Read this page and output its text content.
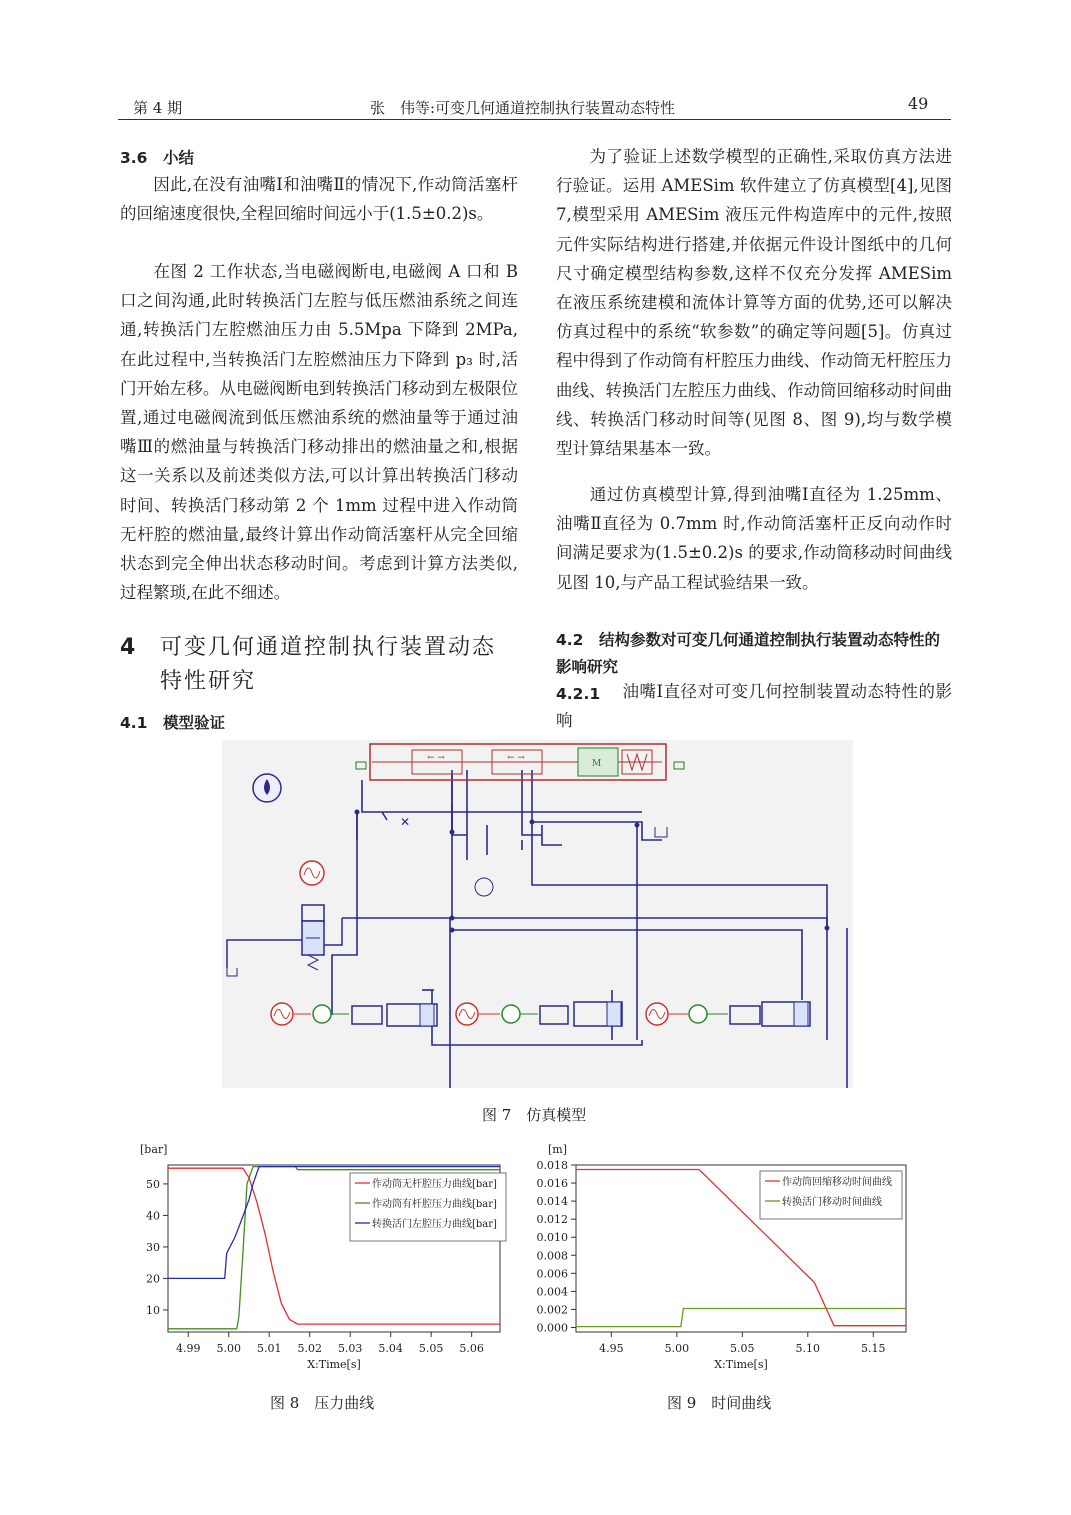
第 4 期	张　伟等:可变几何通道控制执行装置动态特性	49
3.6　小结
因此,在没有油嘴Ⅰ和油嘴Ⅱ的情况下,作动筒活塞杆的回缩速度很快,全程回缩时间远小于(1.5±0.2)s。
在图 2 工作状态,当电磁阀断电,电磁阀 A 口和 B 口之间沟通,此时转换活门左腔与低压燃油系统之间连通,转换活门左腔燃油压力由 5.5Mpa 下降到 2MPa,在此过程中,当转换活门左腔燃油压力下降到 p₃ 时,活门开始左移。从电磁阀断电到转换活门移动到左极限位置,通过电磁阀流到低压燃油系统的燃油量等于通过油嘴Ⅲ的燃油量与转换活门移动排出的燃油量之和,根据这一关系以及前述类似方法,可以计算出转换活门移动时间、转换活门移动第 2 个 1mm 过程中进入作动筒无杆腔的燃油量,最终计算出作动筒活塞杆从完全回缩状态到完全伸出状态移动时间。考虑到计算方法类似,过程繁琐,在此不细述。
4 可变几何通道控制执行装置动态
特性研究
4.1　模型验证
为了验证上述数学模型的正确性,采取仿真方法进行验证。运用 AMESim 软件建立了仿真模型[4],见图 7,模型采用 AMESim 液压元件构造库中的元件,按照元件实际结构进行搭建,并依据元件设计图纸中的几何尺寸确定模型结构参数,这样不仅充分发挥 AMESim 在液压系统建模和流体计算等方面的优势,还可以解决仿真过程中的系统“软参数”的确定等问题[5]。仿真过程中得到了作动筒有杆腔压力曲线、作动筒无杆腔压力曲线、转换活门左腔压力曲线、作动筒回缩移动时间曲线、转换活门移动时间等(见图 8、图 9),均与数学模型计算结果基本一致。
通过仿真模型计算,得到油嘴Ⅰ直径为 1.25mm、油嘴Ⅱ直径为 0.7mm 时,作动筒活塞杆正反向动作时间满足要求为(1.5±0.2)s 的要求,作动筒移动时间曲线见图 10,与产品工程试验结果一致。
4.2　结构参数对可变几何通道控制执行装置动态特性的影响研究
4.2.1	油嘴Ⅰ直径对可变几何控制装置动态特性的影响
← →	← →
M
✕
图 7　仿真模型
[bar]
X:Time[s]
4.99 5.00 5.01 5.02 5.03 5.04 5.05 5.06
10
20
30
40
50	作动筒无杆腔压力曲线[bar]
作动筒有杆腔压力曲线[bar]
转换活门左腔压力曲线[bar]
图 8　压力曲线
[m]
X:Time[s]
4.95	5.00	5.05	5.10	5.15
0.000
0.002
0.004
0.006
0.008
0.010
0.012
0.014
0.016
0.018
作动筒回缩移动时间曲线
转换活门移动时间曲线
图 9　时间曲线
